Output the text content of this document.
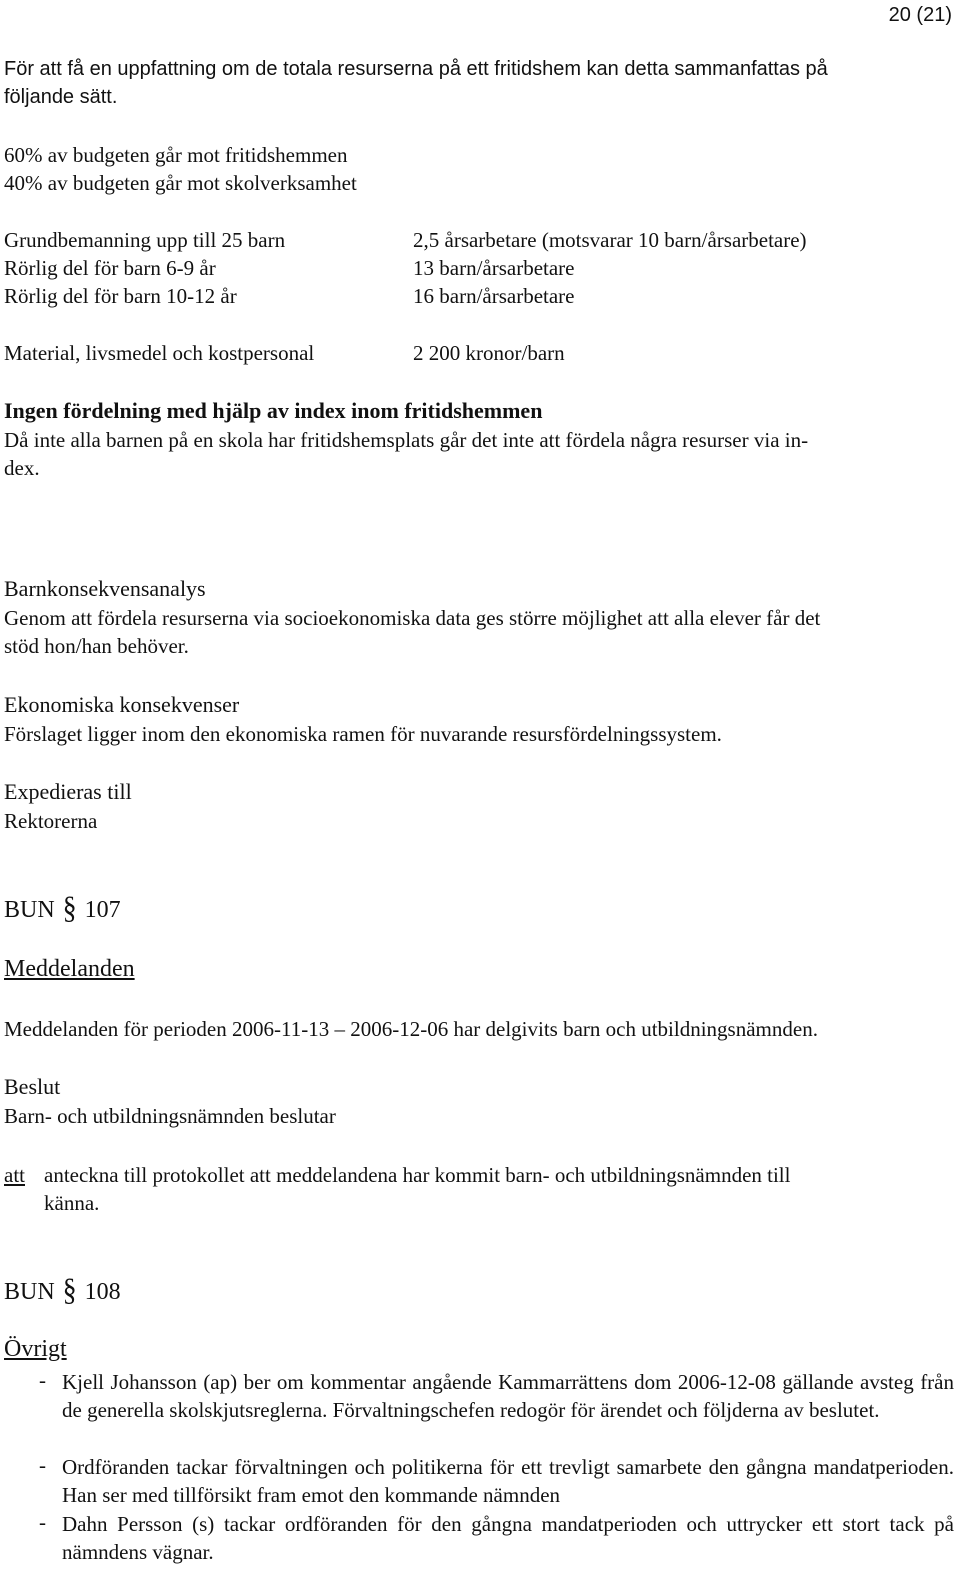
20 (21)
För att få en uppfattning om de totala resurserna på ett fritidshem kan detta sammanfattas på
följande sätt.
60% av budgeten går mot fritidshemmen
40% av budgeten går mot skolverksamhet
Grundbemanning upp till 25 barn	2,5 årsarbetare (motsvarar 10 barn/årsarbetare)
Rörlig del för barn 6-9 år	13 barn/årsarbetare
Rörlig del för barn 10-12 år	16 barn/årsarbetare
Material, livsmedel och kostpersonal	2 200 kronor/barn
Ingen fördelning med hjälp av index inom fritidshemmen
Då inte alla barnen på en skola har fritidshemsplats går det inte att fördela några resurser via in-
dex.
Barnkonsekvensanalys
Genom att fördela resurserna via socioekonomiska data ges större möjlighet att alla elever får det
stöd hon/han behöver.
Ekonomiska konsekvenser
Förslaget ligger inom den ekonomiska ramen för nuvarande resursfördelningssystem.
Expedieras till
Rektorerna
BUN § 107
Meddelanden
Meddelanden för perioden 2006-11-13 – 2006-12-06 har delgivits barn och utbildningsnämnden.
Beslut
Barn- och utbildningsnämnden beslutar
att anteckna till protokollet att meddelandena har kommit barn- och utbildningsnämnden till
känna.
BUN § 108
Övrigt
- Kjell Johansson (ap) ber om kommentar angående Kammarrättens dom 2006-12-08 gällande avsteg från de generella skolskjutsreglerna. Förvaltningschefen redogör för ärendet och följderna av beslutet.
- Ordföranden tackar förvaltningen och politikerna för ett trevligt samarbete den gångna mandatperioden. Han ser med tillförsikt fram emot den kommande nämnden
- Dahn Persson (s) tackar ordföranden för den gångna mandatperioden och uttrycker ett stort tack på nämndens vägnar.
